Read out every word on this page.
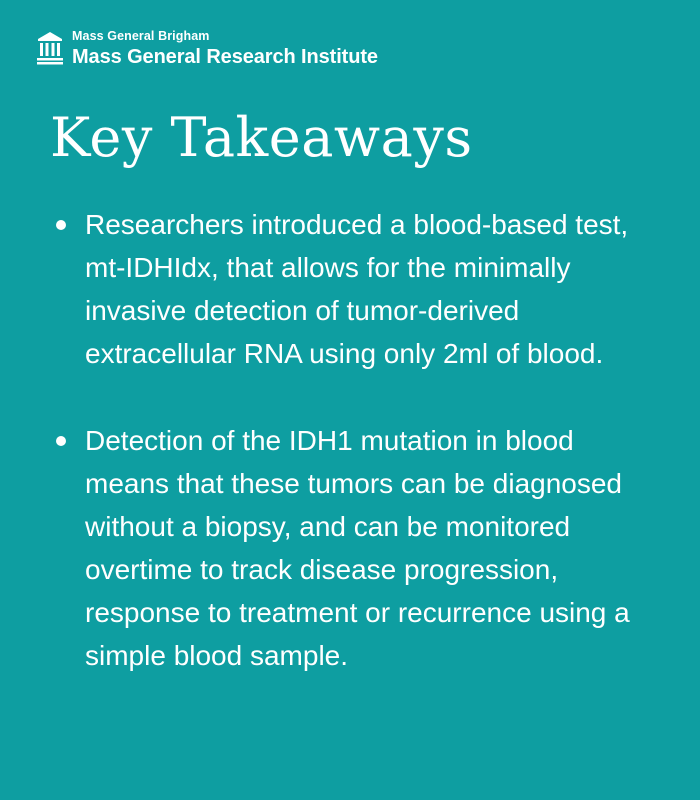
Mass General Brigham
Mass General Research Institute
Key Takeaways
Researchers introduced a blood-based test, mt-IDHIdx, that allows for the minimally invasive detection of tumor-derived extracellular RNA using only 2ml of blood.
Detection of the IDH1 mutation in blood means that these tumors can be diagnosed without a biopsy, and can be monitored overtime to track disease progression, response to treatment or recurrence using a simple blood sample.
